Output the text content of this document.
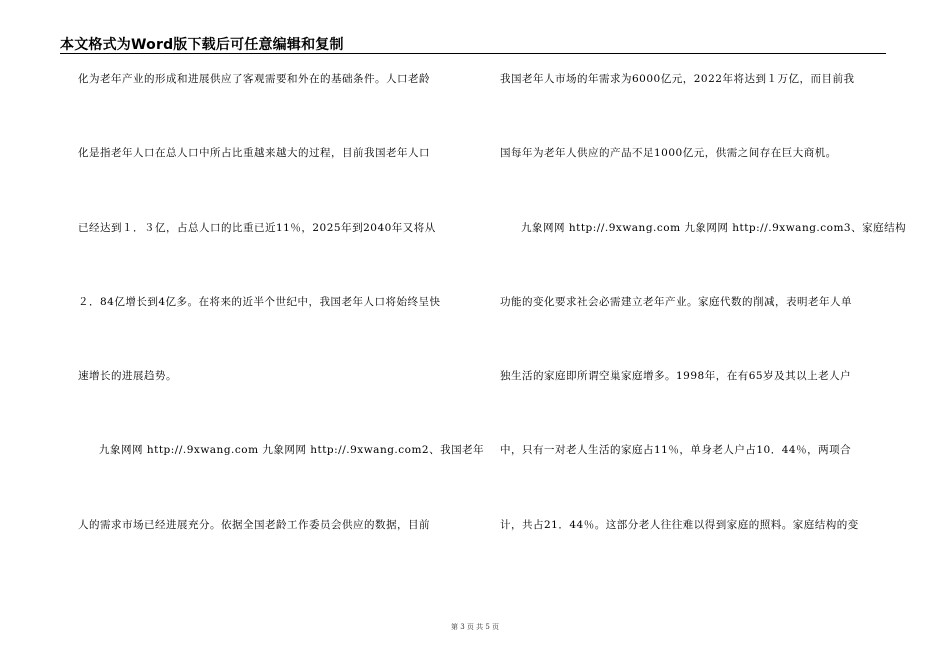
本文格式为Word版下载后可任意编辑和复制
化为老年产业的形成和进展供应了客观需要和外在的基础条件。人口老龄
化是指老年人口在总人口中所占比重越来越大的过程，目前我国老年人口
已经达到１．３亿，占总人口的比重已近11％，2025年到2040年又将从
２．84亿增长到4亿多。在将来的近半个世纪中，我国老年人口将始终呈快
速增长的进展趋势。
九象网网 http://.9xwang.com 九象网网 http://.9xwang.com2、我国老年
人的需求市场已经进展充分。依据全国老龄工作委员会供应的数据，目前
我国老年人市场的年需求为6000亿元，2022年将达到１万亿，而目前我
国每年为老年人供应的产品不足1000亿元，供需之间存在巨大商机。
九象网网 http://.9xwang.com 九象网网 http://.9xwang.com3、家庭结构
功能的变化要求社会必需建立老年产业。家庭代数的削减，表明老年人单
独生活的家庭即所谓空巢家庭增多。1998年，在有65岁及其以上老人户
中，只有一对老人生活的家庭占11％，单身老人户占10．44％，两项合
计，共占21．44％。这部分老人往往难以得到家庭的照料。家庭结构的变
第 3 页 共 5 页
